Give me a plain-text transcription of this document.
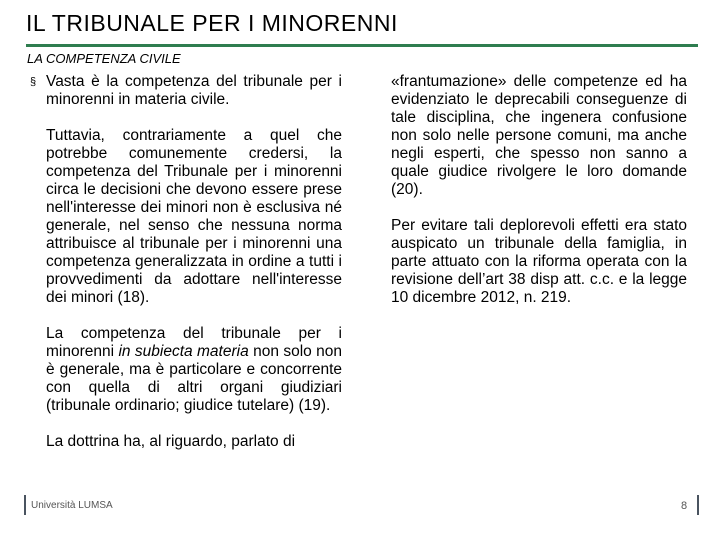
IL TRIBUNALE PER I MINORENNI
LA COMPETENZA CIVILE
§ Vasta è la competenza del tribunale per i minorenni in materia civile.

Tuttavia, contrariamente a quel che potrebbe comunemente credersi, la competenza del Tribunale per i minorenni circa le decisioni che devono essere prese nell'interesse dei minori non è esclusiva né generale, nel senso che nessuna norma attribuisce al tribunale per i minorenni una competenza generalizzata in ordine a tutti i provvedimenti da adottare nell'interesse dei minori (18).

La competenza del tribunale per i minorenni in subiecta materia non solo non è generale, ma è particolare e concorrente con quella di altri organi giudiziari (tribunale ordinario; giudice tutelare) (19).

La dottrina ha, al riguardo, parlato di

«frantumazione» delle competenze ed ha evidenziato le deprecabili conseguenze di tale disciplina, che ingenera confusione non solo nelle persone comuni, ma anche negli esperti, che spesso non sanno a quale giudice rivolgere le loro domande (20).

Per evitare tali deplorevoli effetti era stato auspicato un tribunale della famiglia, in parte attuato con la riforma operata con la revisione dell’art 38 disp att. c.c. e la legge 10 dicembre 2012, n. 219.

Università LUMSA	8
